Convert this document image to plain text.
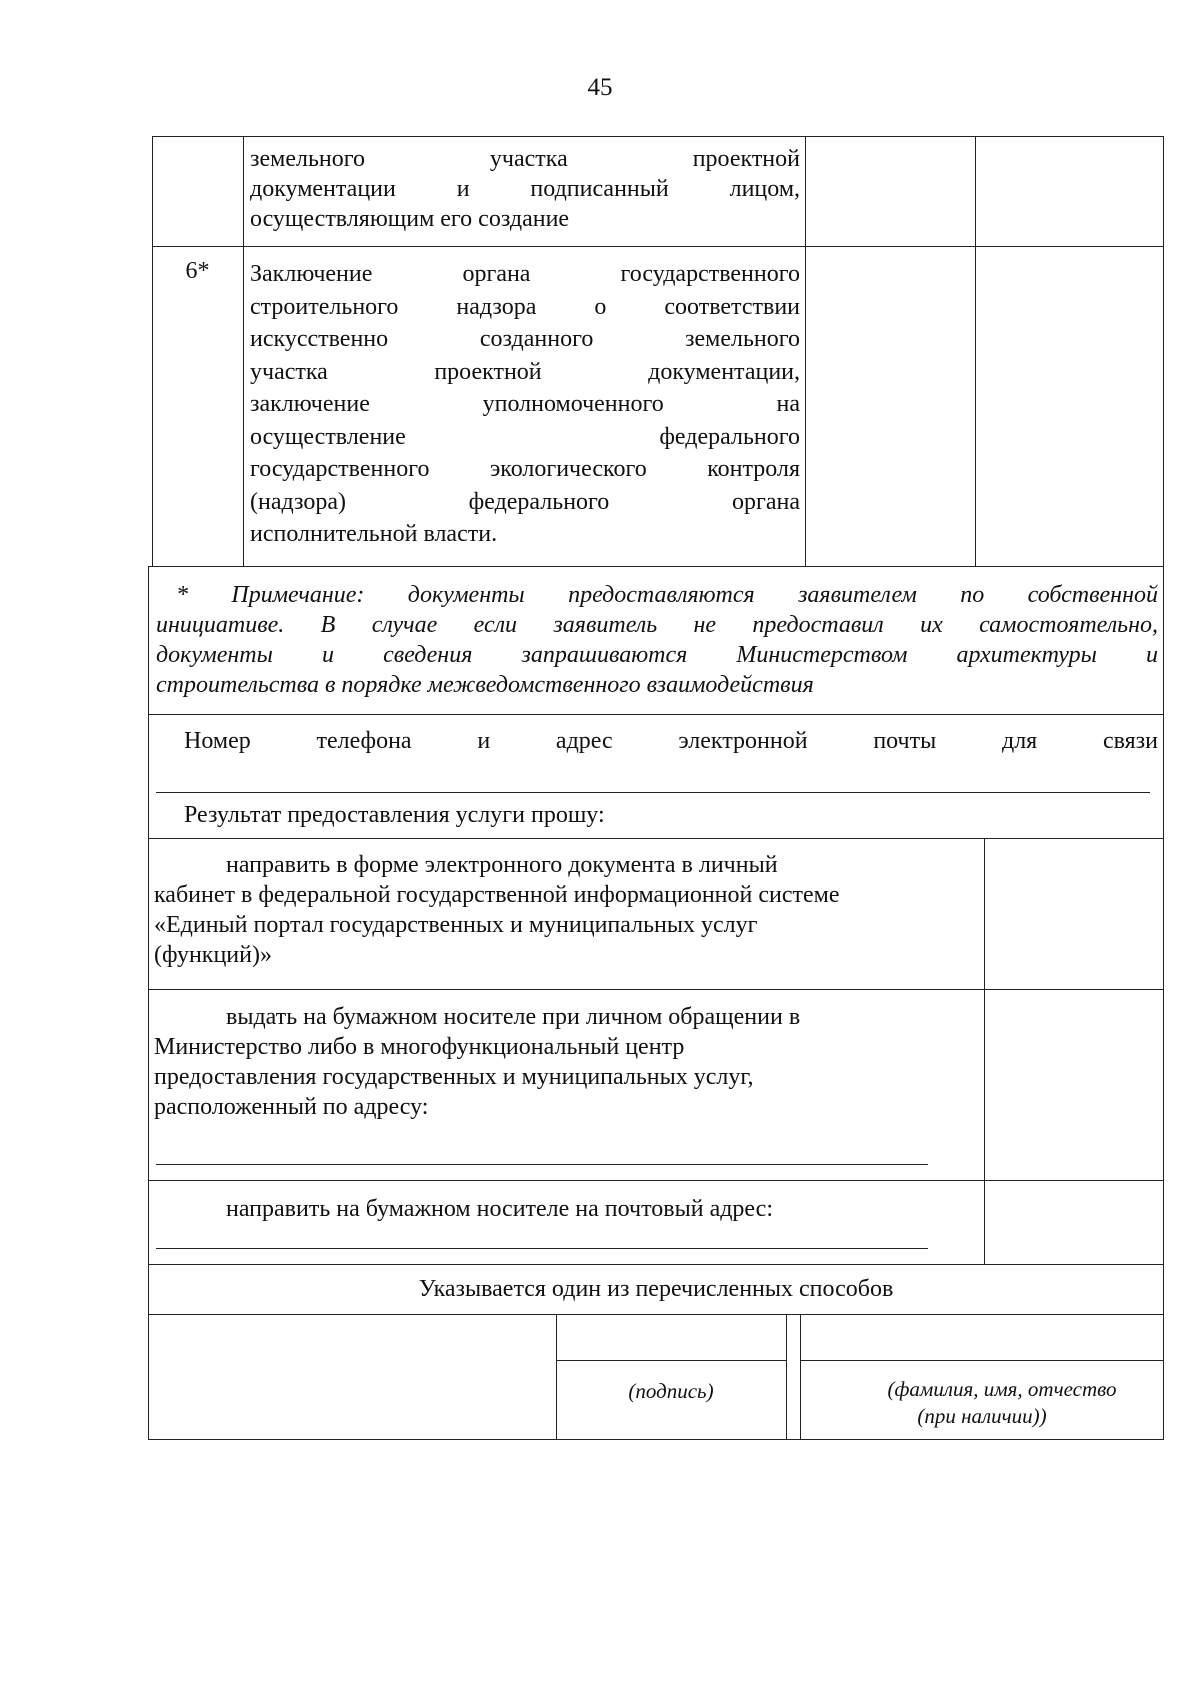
45
земельного участка проектной
документации и подписанный лицом,
осуществляющим его создание
6*	Заключение органа государственного
строительного надзора о соответствии
искусственно созданного земельного
участка проектной документации,
заключение уполномоченного на
осуществление федерального
государственного экологического контроля
(надзора) федерального органа
исполнительной власти.
* Примечание: документы предоставляются заявителем по собственной
инициативе. В случае если заявитель не предоставил их самостоятельно,
документы и сведения запрашиваются Министерством архитектуры и
строительства в порядке межведомственного взаимодействия
Номер телефона и адрес электронной почты для связи
Результат предоставления услуги прошу:
направить в форме электронного документа в личный
кабинет в федеральной государственной информационной системе
«Единый портал государственных и муниципальных услуг
(функций)»
выдать на бумажном носителе при личном обращении в
Министерство либо в многофункциональный центр
предоставления государственных и муниципальных услуг,
расположенный по адресу:
направить на бумажном носителе на почтовый адрес:
Указывается один из перечисленных способов
(подпись)	(фамилия, имя, отчество
(при наличии))
